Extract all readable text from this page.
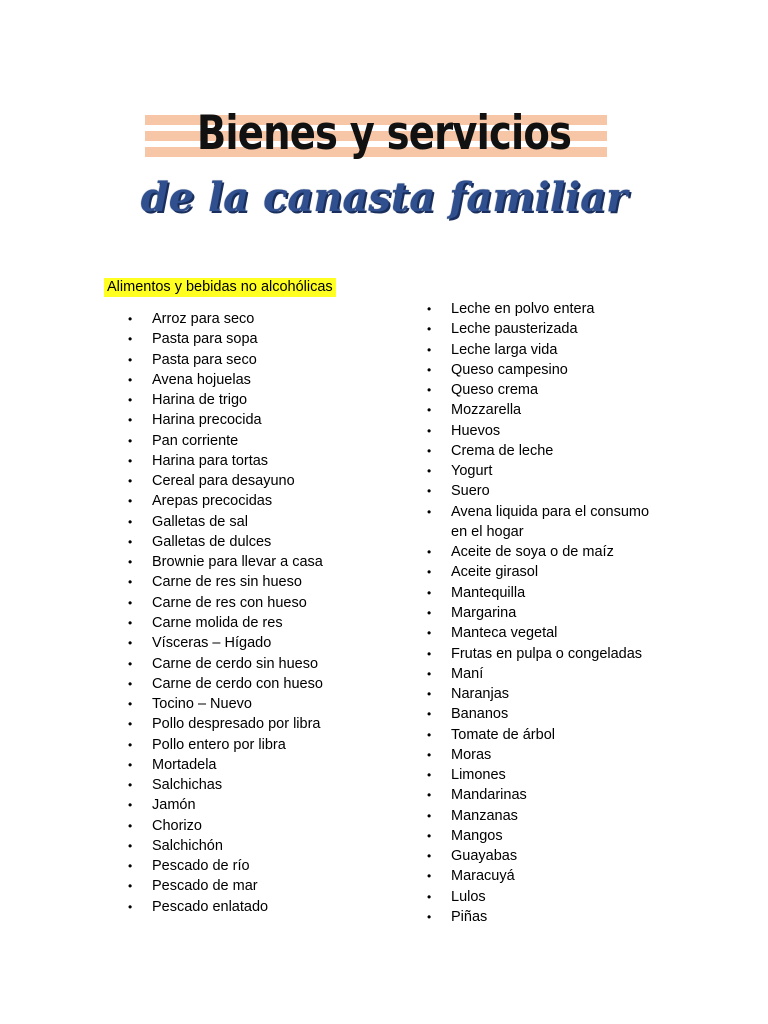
Bienes y servicios
de la canasta familiar
Alimentos y bebidas no alcohólicas
• Arroz para seco
• Pasta para sopa
• Pasta para seco
• Avena hojuelas
• Harina de trigo
• Harina precocida
• Pan corriente
• Harina para tortas
• Cereal para desayuno
• Arepas precocidas
• Galletas de sal
• Galletas de dulces
• Brownie para llevar a casa
• Carne de res sin hueso
• Carne de res con hueso
• Carne molida de res
• Vísceras – Hígado
• Carne de cerdo sin hueso
• Carne de cerdo con hueso
• Tocino – Nuevo
• Pollo despresado por libra
• Pollo entero por libra
• Mortadela
• Salchichas
• Jamón
• Chorizo
• Salchichón
• Pescado de río
• Pescado de mar
• Pescado enlatado
• Leche en polvo entera
• Leche pausterizada
• Leche larga vida
• Queso campesino
• Queso crema
• Mozzarella
• Huevos
• Crema de leche
• Yogurt
• Suero
• Avena liquida para el consumo en el hogar
• Aceite de soya o de maíz
• Aceite girasol
• Mantequilla
• Margarina
• Manteca vegetal
• Frutas en pulpa o congeladas
• Maní
• Naranjas
• Bananos
• Tomate de árbol
• Moras
• Limones
• Mandarinas
• Manzanas
• Mangos
• Guayabas
• Maracuyá
• Lulos
• Piñas
